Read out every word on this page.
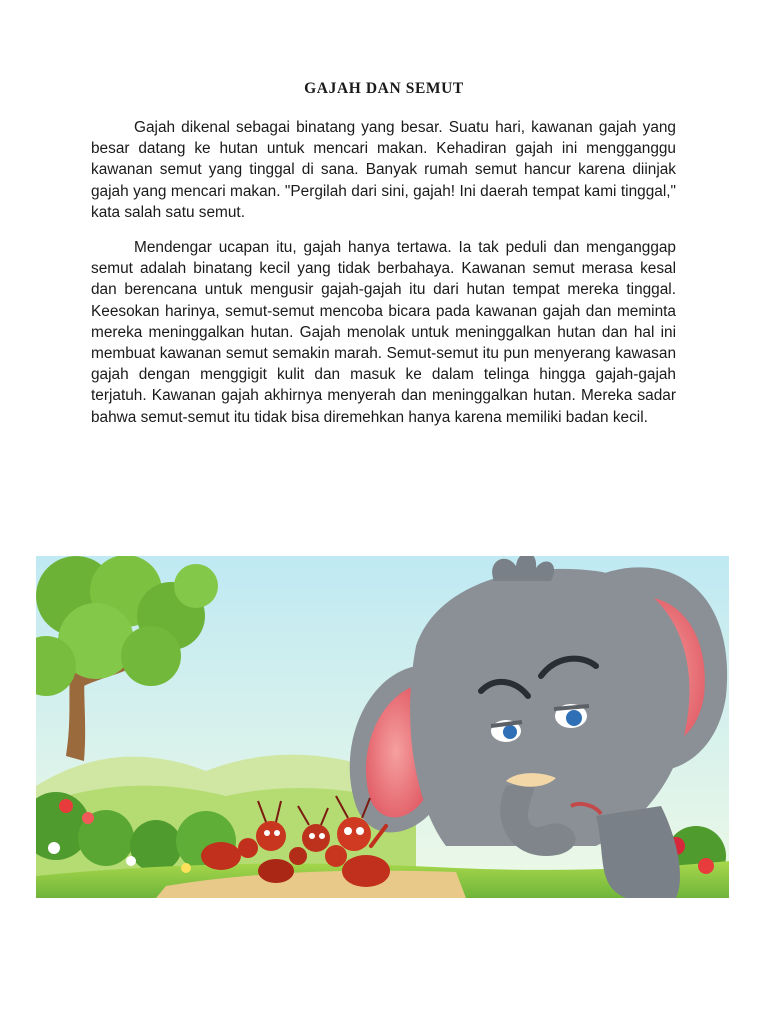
GAJAH DAN SEMUT

Gajah dikenal sebagai binatang yang besar. Suatu hari, kawanan gajah yang besar datang ke hutan untuk mencari makan. Kehadiran gajah ini mengganggu kawanan semut yang tinggal di sana. Banyak rumah semut hancur karena diinjak gajah yang mencari makan. "Pergilah dari sini, gajah! Ini daerah tempat kami tinggal," kata salah satu semut.

Mendengar ucapan itu, gajah hanya tertawa. Ia tak peduli dan menganggap semut adalah binatang kecil yang tidak berbahaya. Kawanan semut merasa kesal dan berencana untuk mengusir gajah-gajah itu dari hutan tempat mereka tinggal. Keesokan harinya, semut-semut mencoba bicara pada kawanan gajah dan meminta mereka meninggalkan hutan. Gajah menolak untuk meninggalkan hutan dan hal ini membuat kawanan semut semakin marah. Semut-semut itu pun menyerang kawasan gajah dengan menggigit kulit dan masuk ke dalam telinga hingga gajah-gajah terjatuh. Kawanan gajah akhirnya menyerah dan meninggalkan hutan. Mereka sadar bahwa semut-semut itu tidak bisa diremehkan hanya karena memiliki badan kecil.
